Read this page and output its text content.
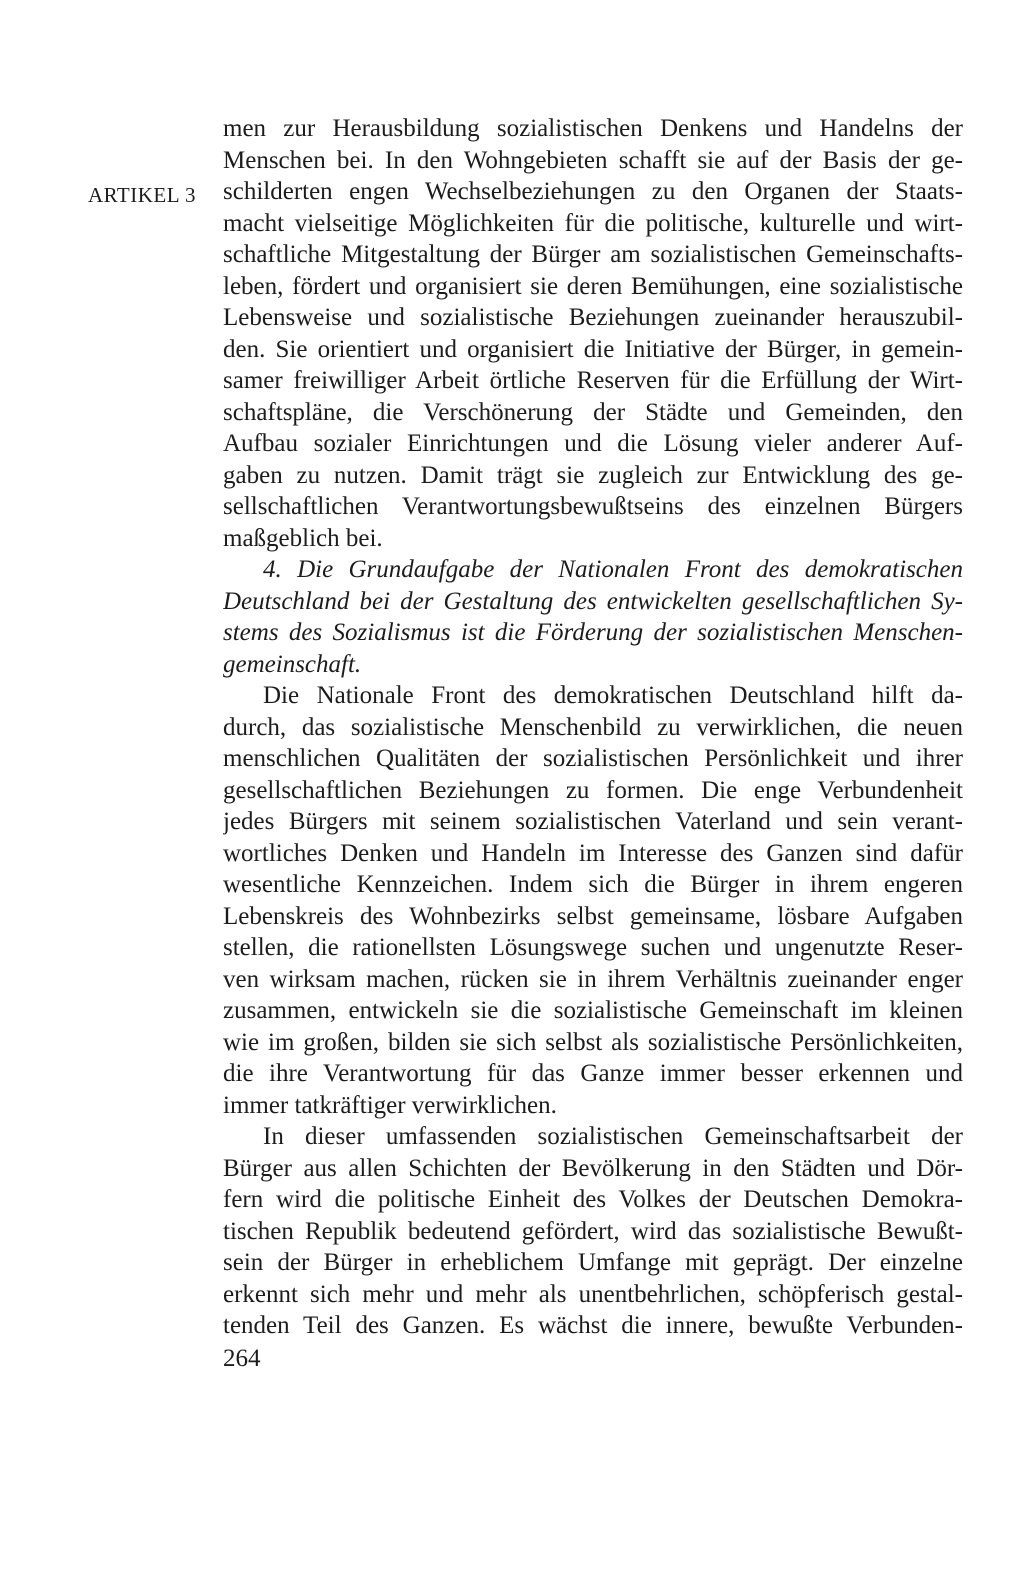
ARTIKEL 3
men zur Herausbildung sozialistischen Denkens und Handelns der
Menschen bei. In den Wohngebieten schafft sie auf der Basis der ge-
schilderten engen Wechselbeziehungen zu den Organen der Staats-
macht vielseitige Möglichkeiten für die politische, kulturelle und wirt-
schaftliche Mitgestaltung der Bürger am sozialistischen Gemeinschafts-
leben, fördert und organisiert sie deren Bemühungen, eine sozialistische
Lebensweise und sozialistische Beziehungen zueinander herauszubil-
den. Sie orientiert und organisiert die Initiative der Bürger, in gemein-
samer freiwilliger Arbeit örtliche Reserven für die Erfüllung der Wirt-
schaftspläne, die Verschönerung der Städte und Gemeinden, den
Aufbau sozialer Einrichtungen und die Lösung vieler anderer Auf-
gaben zu nutzen. Damit trägt sie zugleich zur Entwicklung des ge-
sellschaftlichen Verantwortungsbewußtseins des einzelnen Bürgers
maßgeblich bei.
4. Die Grundaufgabe der Nationalen Front des demokratischen
Deutschland bei der Gestaltung des entwickelten gesellschaftlichen Sy-
stems des Sozialismus ist die Förderung der sozialistischen Menschen-
gemeinschaft.
Die Nationale Front des demokratischen Deutschland hilft da-
durch, das sozialistische Menschenbild zu verwirklichen, die neuen
menschlichen Qualitäten der sozialistischen Persönlichkeit und ihrer
gesellschaftlichen Beziehungen zu formen. Die enge Verbundenheit
jedes Bürgers mit seinem sozialistischen Vaterland und sein verant-
wortliches Denken und Handeln im Interesse des Ganzen sind dafür
wesentliche Kennzeichen. Indem sich die Bürger in ihrem engeren
Lebenskreis des Wohnbezirks selbst gemeinsame, lösbare Aufgaben
stellen, die rationellsten Lösungswege suchen und ungenutzte Reser-
ven wirksam machen, rücken sie in ihrem Verhältnis zueinander enger
zusammen, entwickeln sie die sozialistische Gemeinschaft im kleinen
wie im großen, bilden sie sich selbst als sozialistische Persönlichkeiten,
die ihre Verantwortung für das Ganze immer besser erkennen und
immer tatkräftiger verwirklichen.
In dieser umfassenden sozialistischen Gemeinschaftsarbeit der
Bürger aus allen Schichten der Bevölkerung in den Städten und Dör-
fern wird die politische Einheit des Volkes der Deutschen Demokra-
tischen Republik bedeutend gefördert, wird das sozialistische Bewußt-
sein der Bürger in erheblichem Umfange mit geprägt. Der einzelne
erkennt sich mehr und mehr als unentbehrlichen, schöpferisch gestal-
tenden Teil des Ganzen. Es wächst die innere, bewußte Verbunden-
264
